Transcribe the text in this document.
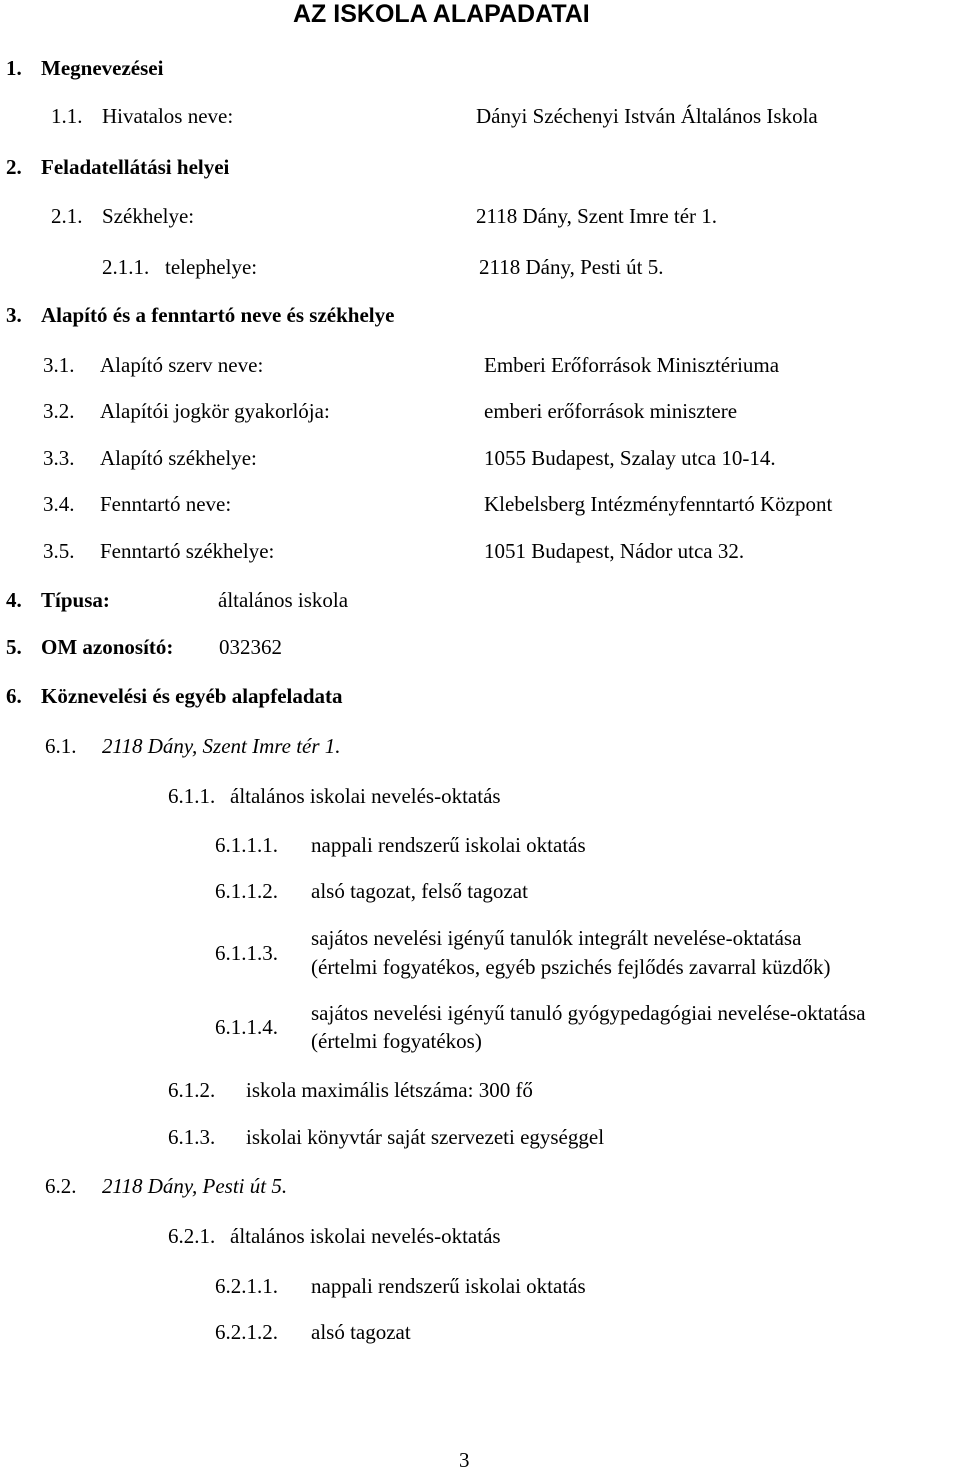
AZ ISKOLA ALAPADATAI
1. Megnevezései
1.1. Hivatalos neve:	Dányi Széchenyi István Általános Iskola
2. Feladatellátási helyei
2.1. Székhelye:	2118 Dány, Szent Imre tér 1.
2.1.1. telephelye:	2118 Dány, Pesti út 5.
3. Alapító és a fenntartó neve és székhelye
3.1. Alapító szerv neve:	Emberi Erőforrások Minisztériuma
3.2. Alapítói jogkör gyakorlója:	emberi erőforrások minisztere
3.3. Alapító székhelye:	1055 Budapest, Szalay utca 10-14.
3.4. Fenntartó neve:	Klebelsberg Intézményfenntartó Központ
3.5. Fenntartó székhelye:	1051 Budapest, Nádor utca 32.
4. Típusa:	általános iskola
5. OM azonosító: 032362
6. Köznevelési és egyéb alapfeladata
6.1. 2118 Dány, Szent Imre tér 1.
6.1.1. általános iskolai nevelés-oktatás
6.1.1.1. nappali rendszerű iskolai oktatás
6.1.1.2. alsó tagozat, felső tagozat
6.1.1.3.
sajátos nevelési igényű tanulók integrált nevelése-oktatása
(értelmi fogyatékos, egyéb pszichés fejlődés zavarral küzdők)
6.1.1.4.
sajátos nevelési igényű tanuló gyógypedagógiai nevelése-oktatása
(értelmi fogyatékos)
6.1.2. iskola maximális létszáma: 300 fő
6.1.3. iskolai könyvtár saját szervezeti egységgel
6.2. 2118 Dány, Pesti út 5.
6.2.1. általános iskolai nevelés-oktatás
6.2.1.1. nappali rendszerű iskolai oktatás
6.2.1.2. alsó tagozat
3
